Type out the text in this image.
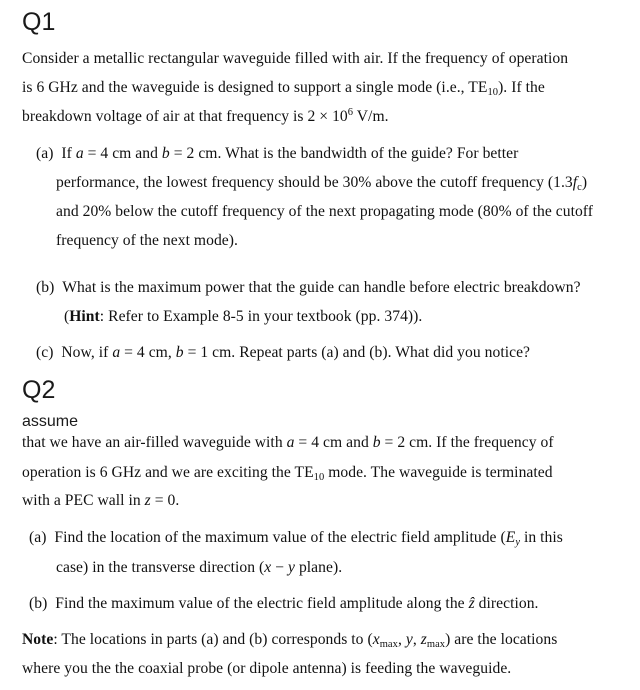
Q1
Consider a metallic rectangular waveguide filled with air. If the frequency of operation
is 6 GHz and the waveguide is designed to support a single mode (i.e., $TE_{10}$). If the
breakdown voltage of air at that frequency is $2 \times 10^6$ V/m.
(a) If a = 4 cm and b = 2 cm. What is the bandwidth of the guide? For better
performance, the lowest frequency should be 30% above the cutoff frequency $(1.3f_c)$
and 20% below the cutoff frequency of the next propagating mode (80% of the cutoff
frequency of the next mode).
(b) What is the maximum power that the guide can handle before electric breakdown?
(Hint: Refer to Example 8-5 in your textbook (pp. 374)).
(c) Now, if a = 4 cm, b = 1 cm. Repeat parts (a) and (b). What did you notice?
Q2
assume
that we have an air-filled waveguide with a = 4 cm and b = 2 cm. If the frequency of
operation is 6 GHz and we are exciting the $TE_{10}$ mode. The waveguide is terminated
with a PEC wall in z = 0.
(a) Find the location of the maximum value of the electric field amplitude ($E_y$ in this
case) in the transverse direction (x − y plane).
(b) Find the maximum value of the electric field amplitude along the ẑ direction.
Note: The locations in parts (a) and (b) corresponds to ($x_{max}$, y, $z_{max}$) are the locations
where you the the coaxial probe (or dipole antenna) is feeding the waveguide.
